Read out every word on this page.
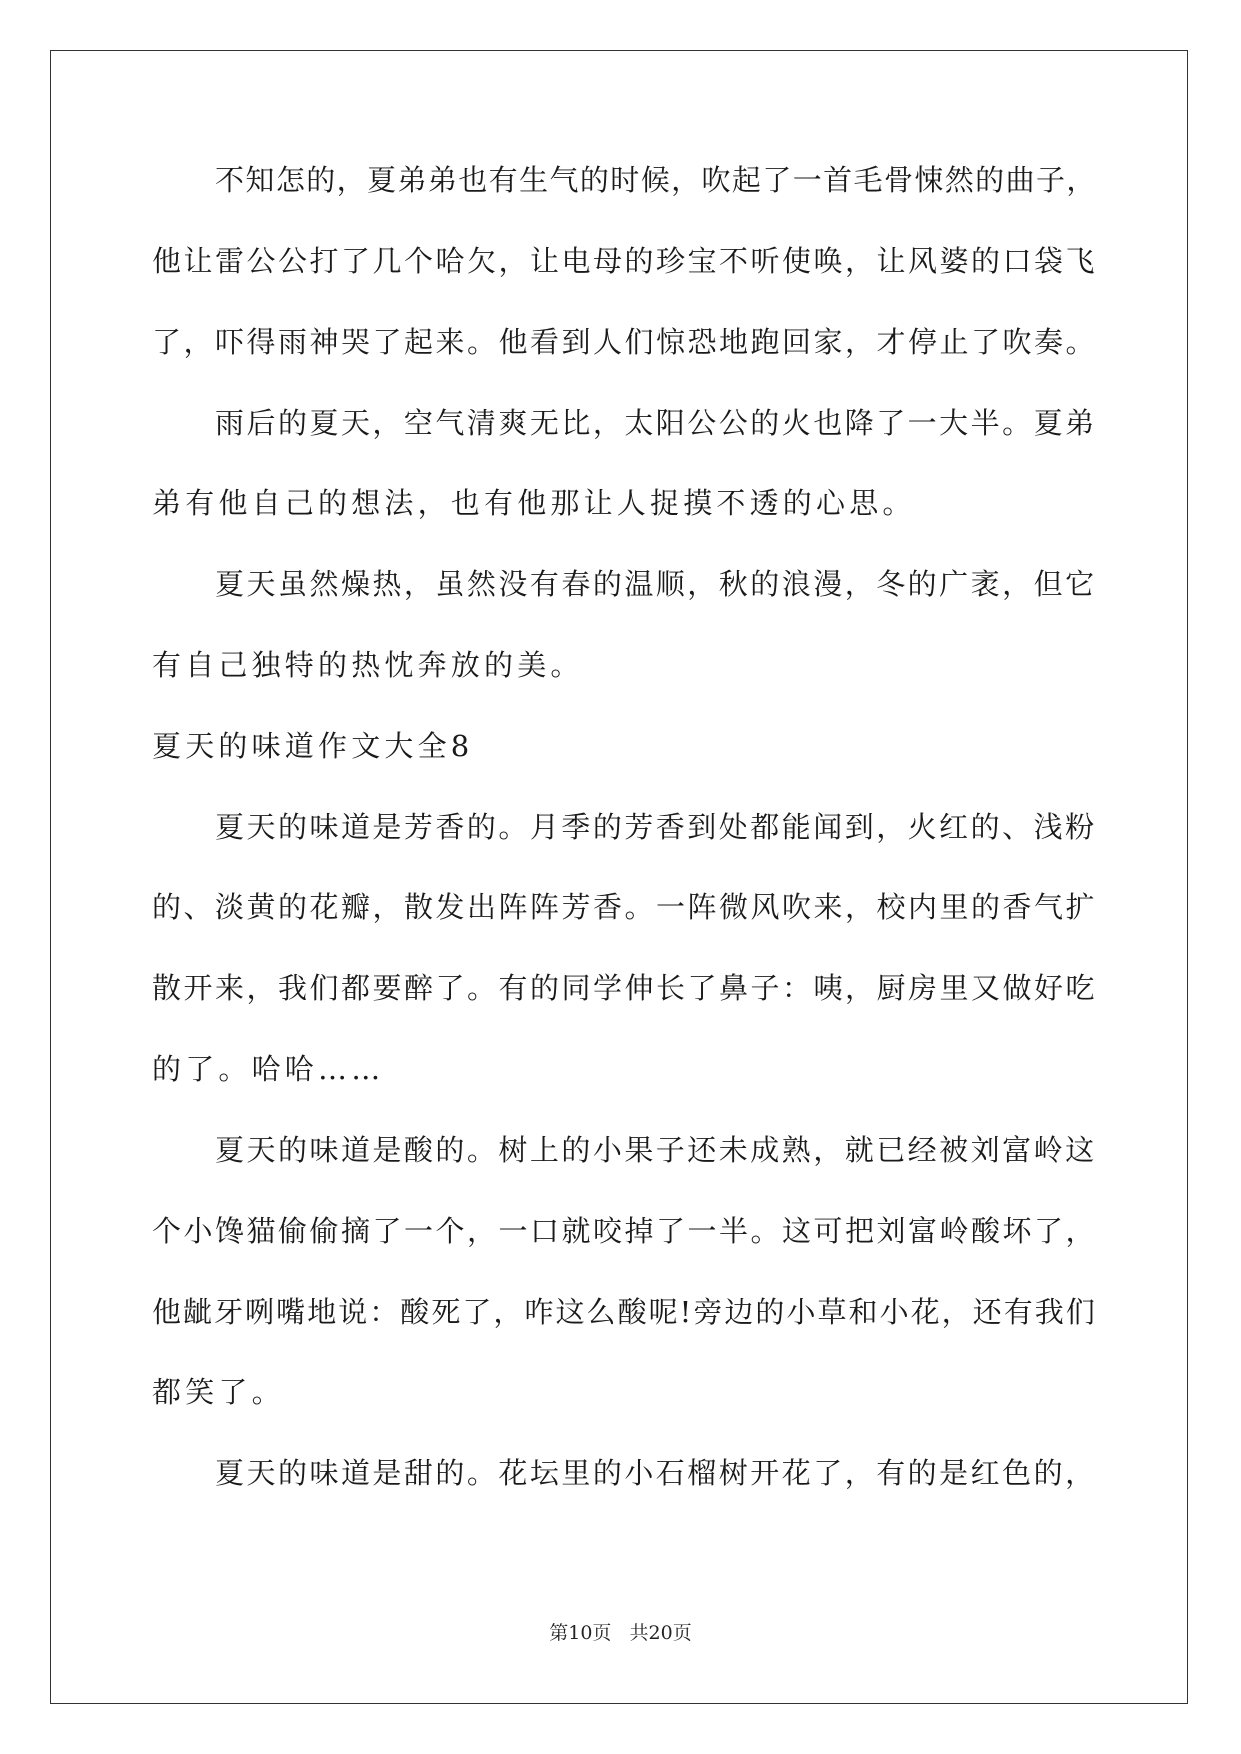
不知怎的，夏弟弟也有生气的时候，吹起了一首毛骨悚然的曲子，
他让雷公公打了几个哈欠，让电母的珍宝不听使唤，让风婆的口袋飞
了，吓得雨神哭了起来。他看到人们惊恐地跑回家，才停止了吹奏。
雨后的夏天，空气清爽无比，太阳公公的火也降了一大半。夏弟
弟有他自己的想法，也有他那让人捉摸不透的心思。
夏天虽然燥热，虽然没有春的温顺，秋的浪漫，冬的广袤，但它
有自己独特的热忱奔放的美。
夏天的味道作文大全8
夏天的味道是芳香的。月季的芳香到处都能闻到，火红的、浅粉
的、淡黄的花瓣，散发出阵阵芳香。一阵微风吹来，校内里的香气扩
散开来，我们都要醉了。有的同学伸长了鼻子：咦，厨房里又做好吃
的了。哈哈……
夏天的味道是酸的。树上的小果子还未成熟，就已经被刘富岭这
个小馋猫偷偷摘了一个，一口就咬掉了一半。这可把刘富岭酸坏了，
他龇牙咧嘴地说：酸死了，咋这么酸呢!旁边的小草和小花，还有我们
都笑了。
夏天的味道是甜的。花坛里的小石榴树开花了，有的是红色的，
第10页   共20页
